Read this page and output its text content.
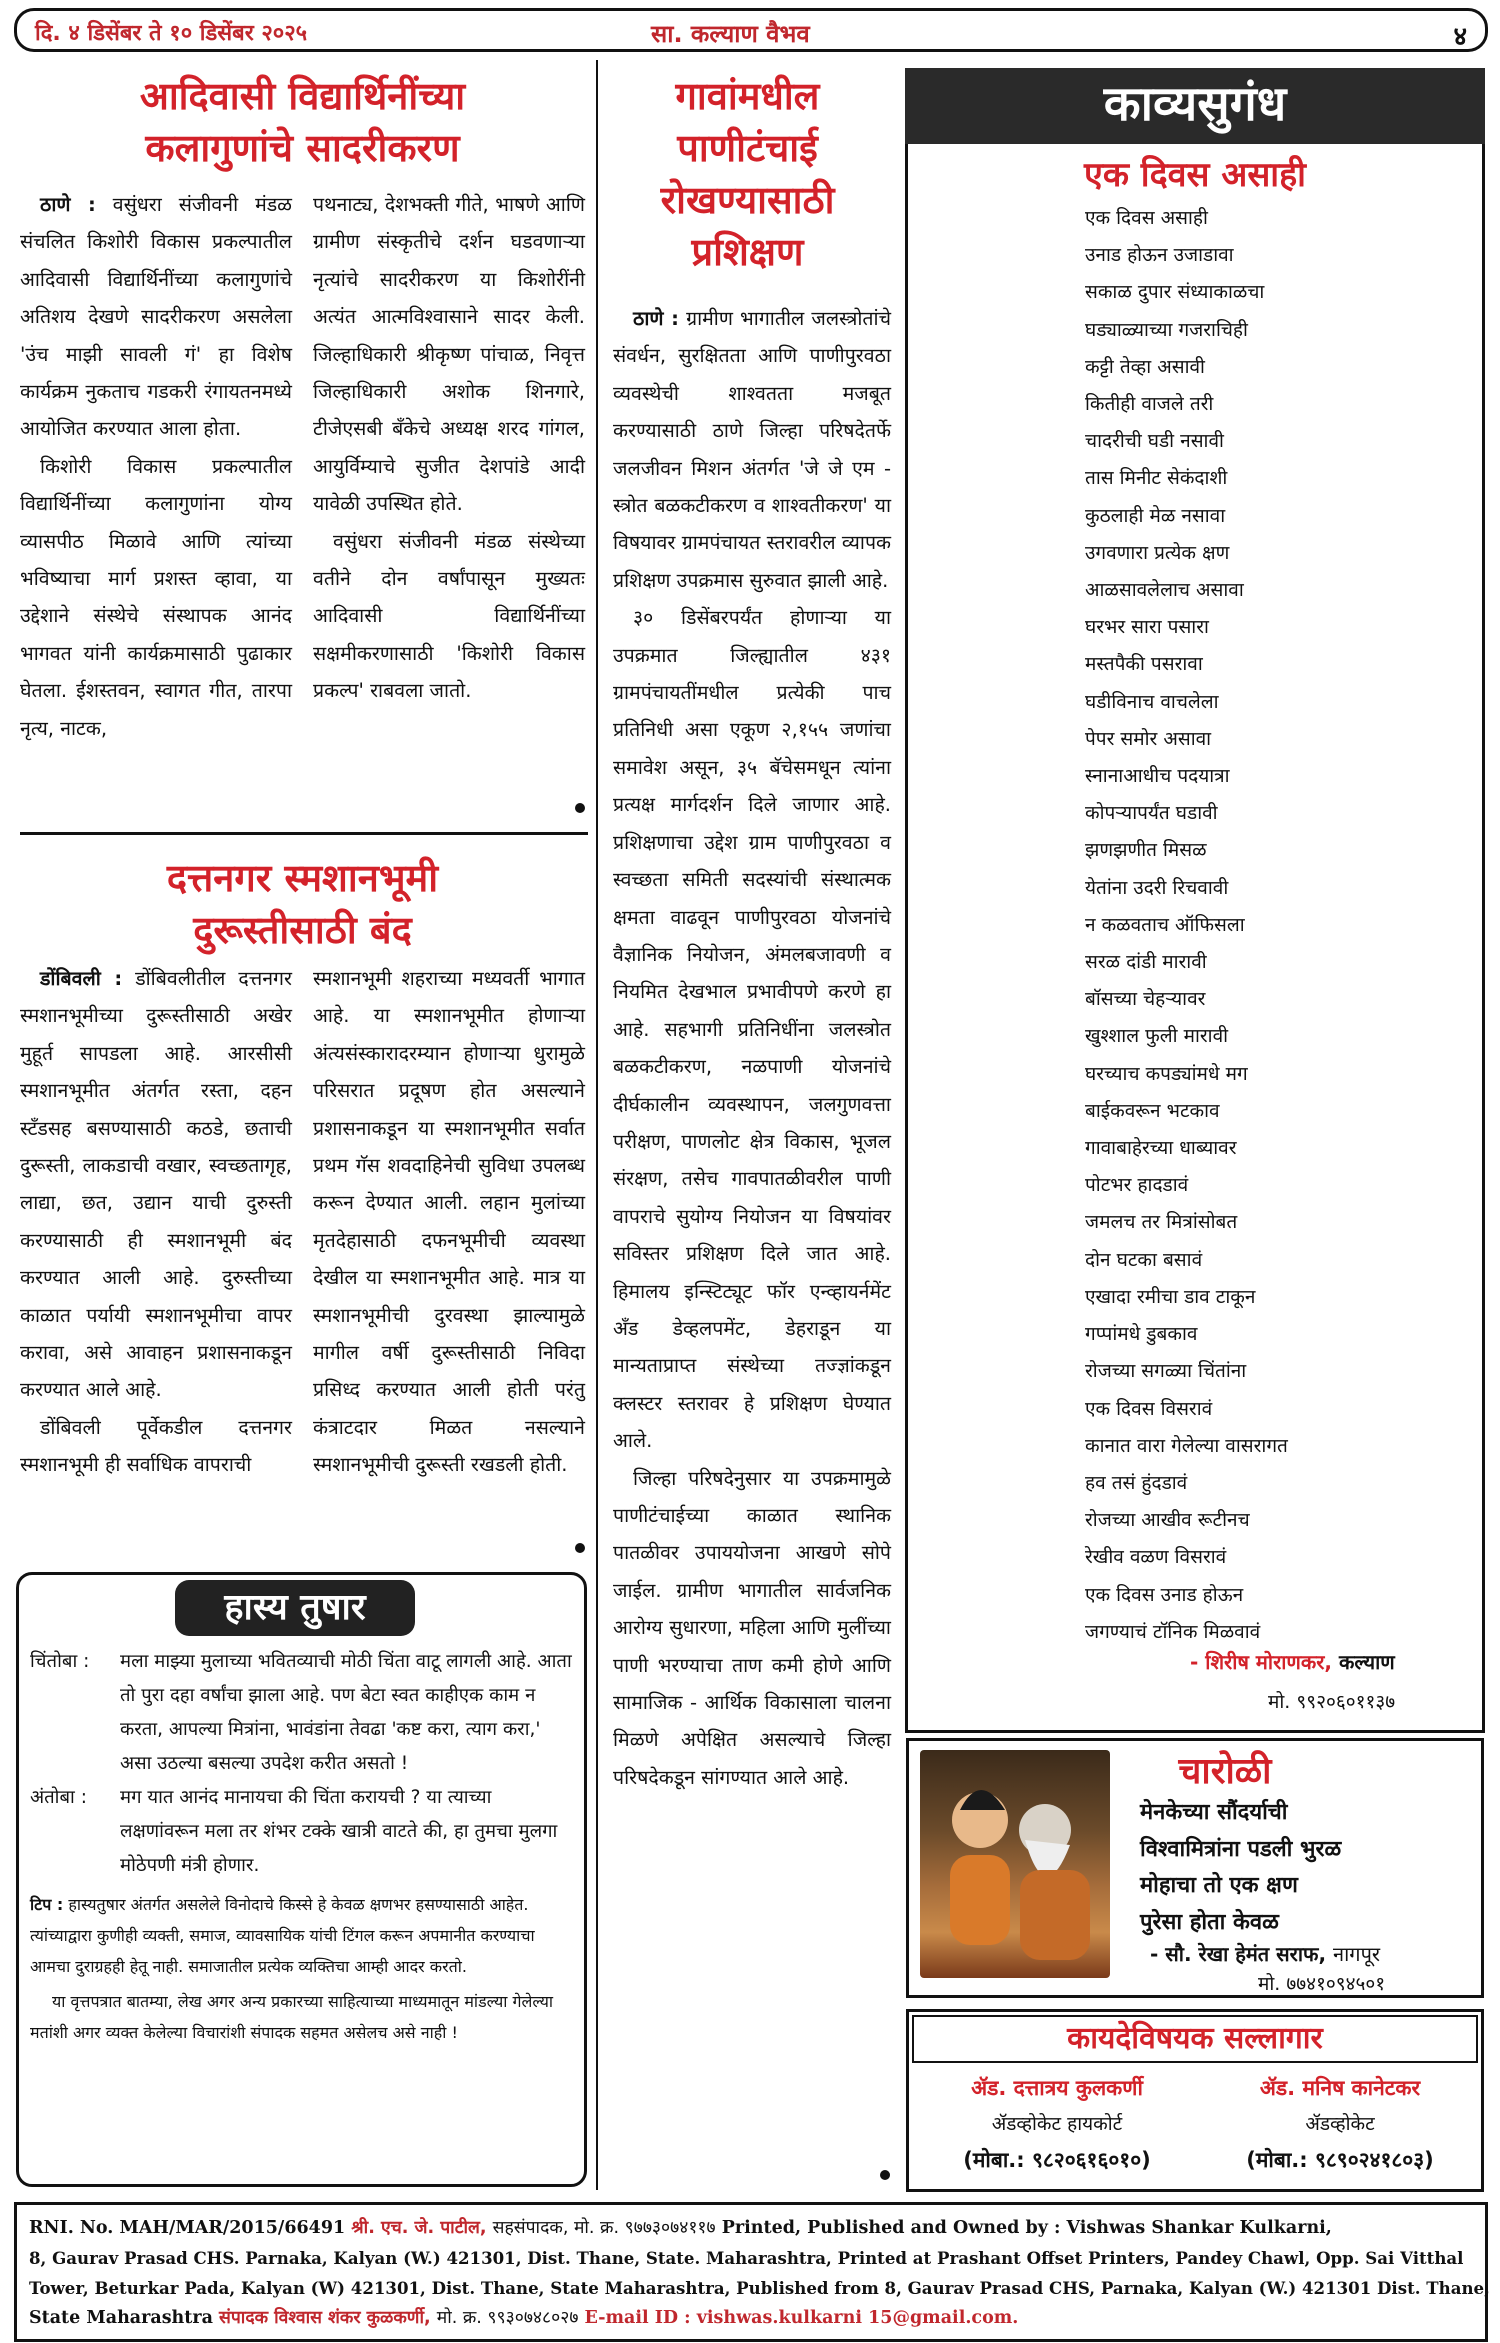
दि. ४ डिसेंबर ते १० डिसेंबर २०२५	सा. कल्याण वैभव	४
आदिवासी विद्यार्थिनींच्या
कलागुणांचे सादरीकरण

ठाणे : वसुंधरा संजीवनी मंडळ संचलित किशोरी विकास प्रकल्पातील आदिवासी विद्यार्थिनींच्या कलागुणांचे अतिशय देखणे सादरीकरण असलेला 'उंच माझी सावली गं' हा विशेष कार्यक्रम नुकताच गडकरी रंगायतनमध्ये आयोजित करण्यात आला होता.

किशोरी विकास प्रकल्पातील विद्यार्थिनींच्या कलागुणांना योग्य व्यासपीठ मिळावे आणि त्यांच्या भविष्याचा मार्ग प्रशस्त व्हावा, या उद्देशाने संस्थेचे संस्थापक आनंद भागवत यांनी कार्यक्रमासाठी पुढाकार घेतला. ईशस्तवन, स्वागत गीत, तारपा नृत्य, नाटक,

पथनाट्य, देशभक्ती गीते, भाषणे आणि ग्रामीण संस्कृतीचे दर्शन घडवणाऱ्या नृत्यांचे सादरीकरण या किशोरींनी अत्यंत आत्मविश्वासाने सादर केली. जिल्हाधिकारी श्रीकृष्ण पांचाळ, निवृत्त जिल्हाधिकारी अशोक शिनगारे, टीजेएसबी बँकेचे अध्यक्ष शरद गांगल, आयुर्विम्याचे सुजीत देशपांडे आदी यावेळी उपस्थित होते.

वसुंधरा संजीवनी मंडळ संस्थेच्या वतीने दोन वर्षांपासून मुख्यतः आदिवासी विद्यार्थिनींच्या सक्षमीकरणासाठी 'किशोरी विकास प्रकल्प' राबवला जातो.

दत्तनगर स्मशानभूमी
दुरूस्तीसाठी बंद

डोंबिवली : डोंबिवलीतील दत्तनगर स्मशानभूमीच्या दुरूस्तीसाठी अखेर मुहूर्त सापडला आहे. आरसीसी स्मशानभूमीत अंतर्गत रस्ता, दहन स्टँडसह बसण्यासाठी कठडे, छताची दुरूस्ती, लाकडाची वखार, स्वच्छतागृह, लाद्या, छत, उद्यान याची दुरुस्ती करण्यासाठी ही स्मशानभूमी बंद करण्यात आली आहे. दुरुस्तीच्या काळात पर्यायी स्मशानभूमीचा वापर करावा, असे आवाहन प्रशासनाकडून करण्यात आले आहे.

डोंबिवली पूर्वेकडील दत्तनगर स्मशानभूमी ही सर्वाधिक वापराची

स्मशानभूमी शहराच्या मध्यवर्ती भागात आहे. या स्मशानभूमीत होणाऱ्या अंत्यसंस्कारादरम्यान होणाऱ्या धुरामुळे परिसरात प्रदूषण होत असल्याने प्रशासनाकडून या स्मशानभूमीत सर्वात प्रथम गॅस शवदाहिनेची सुविधा उपलब्ध करून देण्यात आली. लहान मुलांच्या मृतदेहासाठी दफनभूमीची व्यवस्था देखील या स्मशानभूमीत आहे. मात्र या स्मशानभूमीची दुरवस्था झाल्यामुळे मागील वर्षी दुरूस्तीसाठी निविदा प्रसिध्द करण्यात आली होती परंतु कंत्राटदार मिळत नसल्याने स्मशानभूमीची दुरूस्ती रखडली होती.

हास्य तुषार
चिंतोबा :	मला माझ्या मुलाच्या भवितव्याची मोठी चिंता वाटू लागली आहे. आता तो पुरा दहा वर्षांचा झाला आहे. पण बेटा स्वत काहीएक काम न करता, आपल्या मित्रांना, भावंडांना तेवढा 'कष्ट करा, त्याग करा,' असा उठल्या बसल्या उपदेश करीत असतो !
अंतोबा :	मग यात आनंद मानायचा की चिंता करायची ? या त्याच्या लक्षणांवरून मला तर शंभर टक्के खात्री वाटते की, हा तुमचा मुलगा मोठेपणी मंत्री होणार.
टिप : हास्यतुषार अंतर्गत असलेले विनोदाचे किस्से हे केवळ क्षणभर हसण्यासाठी आहेत. त्यांच्याद्वारा कुणीही व्यक्ती, समाज, व्यावसायिक यांची टिंगल करून अपमानीत करण्याचा आमचा दुराग्रहही हेतू नाही. समाजातील प्रत्येक व्यक्तिचा आम्ही आदर करतो.
या वृत्तपत्रात बातम्या, लेख अगर अन्य प्रकारच्या साहित्याच्या माध्यमातून मांडल्या गेलेल्या मतांशी अगर व्यक्त केलेल्या विचारांशी संपादक सहमत असेलच असे नाही !
गावांमधील
पाणीटंचाई
रोखण्यासाठी
प्रशिक्षण

ठाणे : ग्रामीण भागातील जलस्त्रोतांचे संवर्धन, सुरक्षितता आणि पाणीपुरवठा व्यवस्थेची शाश्वतता मजबूत करण्यासाठी ठाणे जिल्हा परिषदेतर्फे जलजीवन मिशन अंतर्गत 'जे जे एम - स्त्रोत बळकटीकरण व शाश्वतीकरण' या विषयावर ग्रामपंचायत स्तरावरील व्यापक प्रशिक्षण उपक्रमास सुरुवात झाली आहे.

३० डिसेंबरपर्यंत होणाऱ्या या उपक्रमात जिल्ह्यातील ४३१ ग्रामपंचायतींमधील प्रत्येकी पाच प्रतिनिधी असा एकूण २,१५५ जणांचा समावेश असून, ३५ बॅचेसमधून त्यांना प्रत्यक्ष मार्गदर्शन दिले जाणार आहे. प्रशिक्षणाचा उद्देश ग्राम पाणीपुरवठा व स्वच्छता समिती सदस्यांची संस्थात्मक क्षमता वाढवून पाणीपुरवठा योजनांचे वैज्ञानिक नियोजन, अंमलबजावणी व नियमित देखभाल प्रभावीपणे करणे हा आहे. सहभागी प्रतिनिधींना जलस्त्रोत बळकटीकरण, नळपाणी योजनांचे दीर्घकालीन व्यवस्थापन, जलगुणवत्ता परीक्षण, पाणलोट क्षेत्र विकास, भूजल संरक्षण, तसेच गावपातळीवरील पाणी वापराचे सुयोग्य नियोजन या विषयांवर सविस्तर प्रशिक्षण दिले जात आहे. हिमालय इन्स्टिट्यूट फॉर एन्व्हायर्नमेंट अँड डेव्हलपमेंट, डेहराडून या मान्यताप्राप्त संस्थेच्या तज्ज्ञांकडून क्लस्टर स्तरावर हे प्रशिक्षण घेण्यात आले.

जिल्हा परिषदेनुसार या उपक्रमामुळे पाणीटंचाईच्या काळात स्थानिक पातळीवर उपाययोजना आखणे सोपे जाईल. ग्रामीण भागातील सार्वजनिक आरोग्य सुधारणा, महिला आणि मुलींच्या पाणी भरण्याचा ताण कमी होणे आणि सामाजिक - आर्थिक विकासाला चालना मिळणे अपेक्षित असल्याचे जिल्हा परिषदेकडून सांगण्यात आले आहे.

काव्यसुगंध
एक दिवस असाही
एक दिवस असाही
उनाड होऊन उजाडावा
सकाळ दुपार संध्याकाळचा
घड्याळ्याच्या गजराचिही
कट्टी तेव्हा असावी
कितीही वाजले तरी
चादरीची घडी नसावी
तास मिनीट सेकंदाशी
कुठलाही मेळ नसावा
उगवणारा प्रत्येक क्षण
आळसावलेलाच असावा
घरभर सारा पसारा
मस्तपैकी पसरावा
घडीविनाच वाचलेला
पेपर समोर असावा
स्नानाआधीच पदयात्रा
कोपऱ्यापर्यंत घडावी
झणझणीत मिसळ
येतांना उदरी रिचवावी
न कळवताच ऑफिसला
सरळ दांडी मारावी
बॉसच्या चेहऱ्यावर
खुश्शाल फुली मारावी
घरच्याच कपड्यांमधे मग
बाईकवरून भटकाव
गावाबाहेरच्या धाब्यावर
पोटभर हादडावं
जमलच तर मित्रांसोबत
दोन घटका बसावं
एखादा रमीचा डाव टाकून
गप्पांमधे डुबकाव
रोजच्या सगळ्या चिंतांना
एक दिवस विसरावं
कानात वारा गेलेल्या वासरागत
हव तसं हुंदडावं
रोजच्या आखीव रूटीनच
रेखीव वळण विसरावं
एक दिवस उनाड होऊन
जगण्याचं टॉनिक मिळवावं
- शिरीष मोराणकर, कल्याण
मो. ९९२०६०११३७
चारोळी
मेनकेच्या सौंदर्याची
विश्वामित्रांना पडली भुरळ
मोहाचा तो एक क्षण
पुरेसा होता केवळ
- सौ. रेखा हेमंत सराफ, नागपूर
मो. ७७४१०९४५०१
कायदेविषयक सल्लागार
ॲड. दत्तात्रय कुलकर्णी
ॲडव्होकेट हायकोर्ट
(मोबा.: ९८२०६१६०१०)
ॲड. मनिष कानेटकर
ॲडव्होकेट
(मोबा.: ९८९०२४१८०३)
RNI. No. MAH/MAR/2015/66491 श्री. एच. जे. पाटील, सहसंपादक, मो. क्र. ९७७३०७४११७ Printed, Published and Owned by : Vishwas Shankar Kulkarni,
8, Gaurav Prasad CHS. Parnaka, Kalyan (W.) 421301, Dist. Thane, State. Maharashtra, Printed at Prashant Offset Printers, Pandey Chawl, Opp. Sai Vitthal
Tower, Beturkar Pada, Kalyan (W) 421301, Dist. Thane, State Maharashtra, Published from 8, Gaurav Prasad CHS, Parnaka, Kalyan (W.) 421301 Dist. Thane,
State Maharashtra संपादक विश्वास शंकर कुळकर्णी, मो. क्र. ९९३०७४८०२७ E-mail ID : vishwas.kulkarni 15@gmail.com.
